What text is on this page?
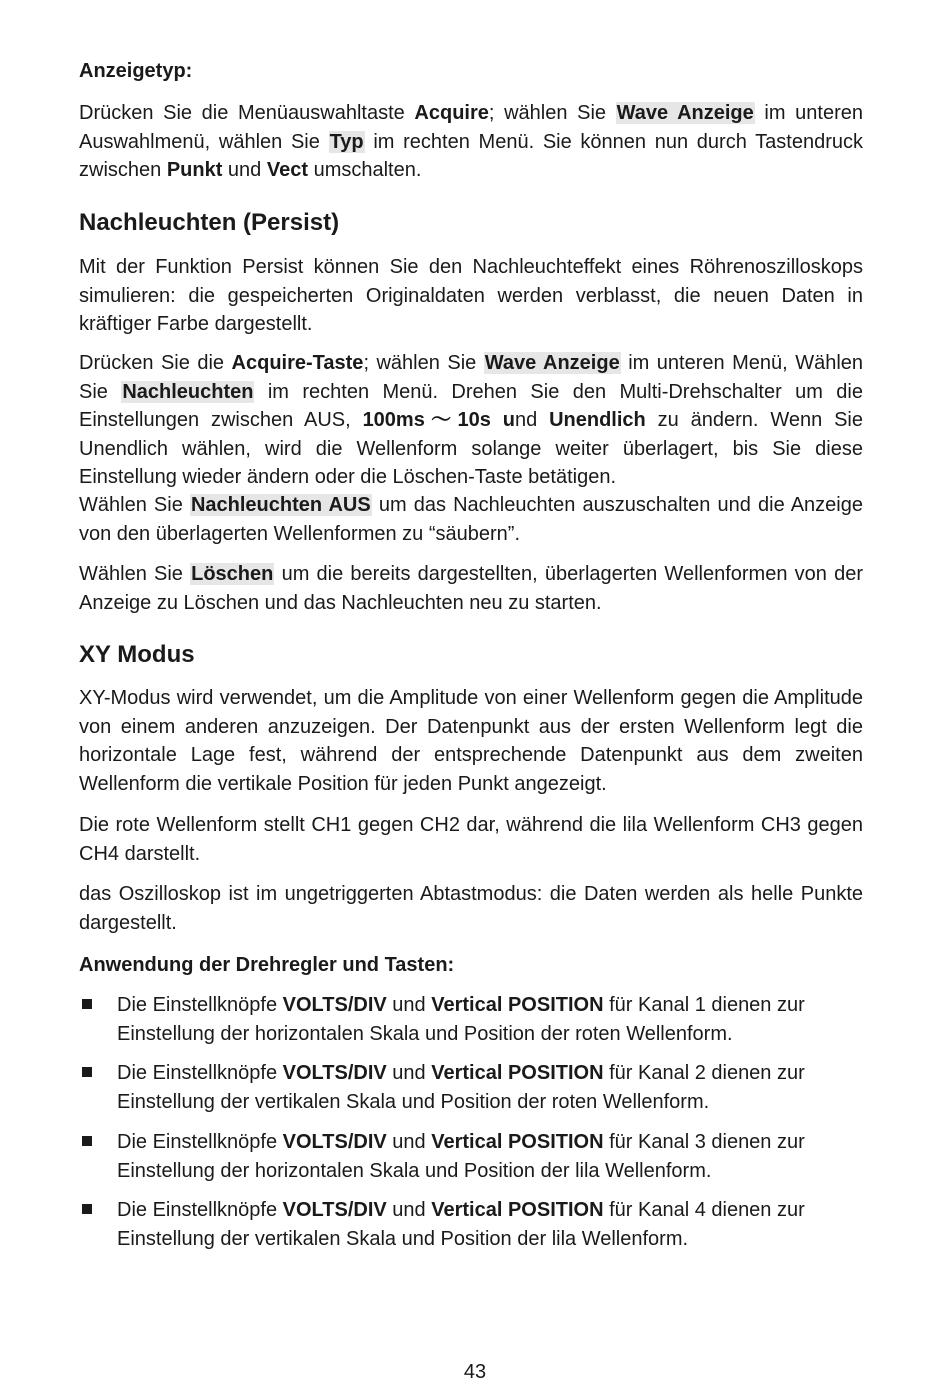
Anzeigetyp:

Drücken Sie die Menüauswahltaste Acquire; wählen Sie Wave Anzeige im unteren Auswahlmenü, wählen Sie Typ im rechten Menü. Sie können nun durch Tastendruck zwischen Punkt und Vect umschalten.

Nachleuchten (Persist)

Mit der Funktion Persist können Sie den Nachleuchteffekt eines Röhrenoszilloskops simulieren: die gespeicherten Originaldaten werden verblasst, die neuen Daten in kräftiger Farbe dargestellt.

Drücken Sie die Acquire-Taste; wählen Sie Wave Anzeige im unteren Menü, Wählen Sie Nachleuchten im rechten Menü. Drehen Sie den Multi-Drehschalter um die Einstellungen zwischen AUS, 100ms～10s und Unendlich zu ändern. Wenn Sie Unendlich wählen, wird die Wellenform solange weiter überlagert, bis Sie diese Einstellung wieder ändern oder die Löschen-Taste betätigen.

Wählen Sie Nachleuchten AUS um das Nachleuchten auszuschalten und die Anzeige von den überlagerten Wellenformen zu “säubern”.

Wählen Sie Löschen um die bereits dargestellten, überlagerten Wellenformen von der Anzeige zu Löschen und das Nachleuchten neu zu starten.

XY Modus

XY-Modus wird verwendet, um die Amplitude von einer Wellenform gegen die Amplitude von einem anderen anzuzeigen. Der Datenpunkt aus der ersten Wellenform legt die horizontale Lage fest, während der entsprechende Datenpunkt aus dem zweiten Wellenform die vertikale Position für jeden Punkt angezeigt.

Die rote Wellenform stellt CH1 gegen CH2 dar, während die lila Wellenform CH3 gegen CH4 darstellt.

das Oszilloskop ist im ungetriggerten Abtastmodus: die Daten werden als helle Punkte dargestellt.

Anwendung der Drehregler und Tasten:

Die Einstellknöpfe VOLTS/DIV und Vertical POSITION für Kanal 1 dienen zur Einstellung der horizontalen Skala und Position der roten Wellenform.

Die Einstellknöpfe VOLTS/DIV und Vertical POSITION für Kanal 2 dienen zur Einstellung der vertikalen Skala und Position der roten Wellenform.

Die Einstellknöpfe VOLTS/DIV und Vertical POSITION für Kanal 3 dienen zur Einstellung der horizontalen Skala und Position der lila Wellenform.

Die Einstellknöpfe VOLTS/DIV und Vertical POSITION für Kanal 4 dienen zur Einstellung der vertikalen Skala und Position der lila Wellenform.

43
